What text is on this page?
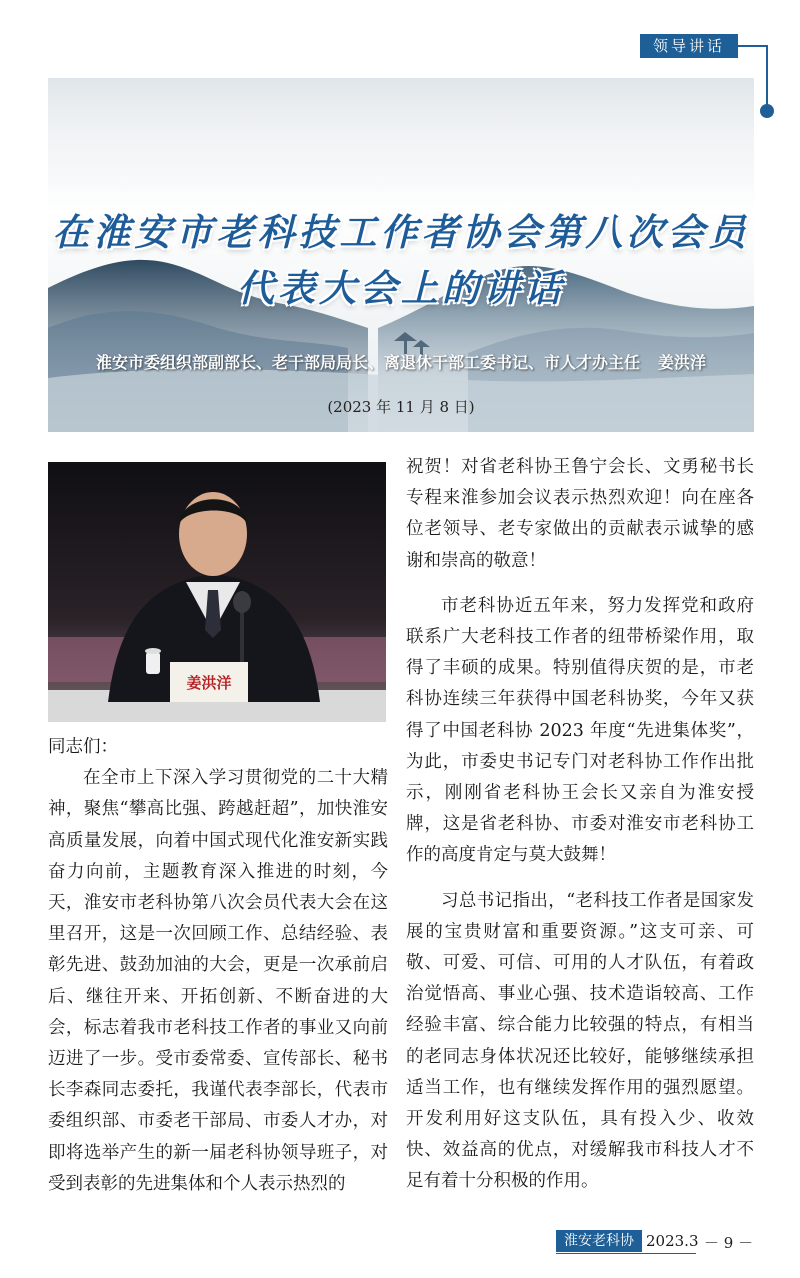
领导讲话
在淮安市老科技工作者协会第八次会员
代表大会上的讲话
淮安市委组织部副部长、老干部局局长、离退休干部工委书记、市人才办主任 姜洪洋
(2023 年 11 月 8 日)
姜洪洋

同志们：

在全市上下深入学习贯彻党的二十大精神，聚焦“攀高比强、跨越赶超”，加快淮安高质量发展，向着中国式现代化淮安新实践奋力向前，主题教育深入推进的时刻，今天，淮安市老科协第八次会员代表大会在这里召开，这是一次回顾工作、总结经验、表彰先进、鼓劲加油的大会，更是一次承前启后、继往开来、开拓创新、不断奋进的大会，标志着我市老科技工作者的事业又向前迈进了一步。受市委常委、宣传部长、秘书长李森同志委托，我谨代表李部长，代表市委组织部、市委老干部局、市委人才办，对即将选举产生的新一届老科协领导班子，对受到表彰的先进集体和个人表示热烈的

祝贺！对省老科协王鲁宁会长、文勇秘书长专程来淮参加会议表示热烈欢迎！向在座各位老领导、老专家做出的贡献表示诚挚的感谢和崇高的敬意！

市老科协近五年来，努力发挥党和政府联系广大老科技工作者的纽带桥梁作用，取得了丰硕的成果。特别值得庆贺的是，市老科协连续三年获得中国老科协奖，今年又获得了中国老科协 2023 年度“先进集体奖”，为此，市委史书记专门对老科协工作作出批示，刚刚省老科协王会长又亲自为淮安授牌，这是省老科协、市委对淮安市老科协工作的高度肯定与莫大鼓舞！

习总书记指出，“老科技工作者是国家发展的宝贵财富和重要资源。”这支可亲、可敬、可爱、可信、可用的人才队伍，有着政治觉悟高、事业心强、技术造诣较高、工作经验丰富、综合能力比较强的特点，有相当的老同志身体状况还比较好，能够继续承担适当工作，也有继续发挥作用的强烈愿望。开发利用好这支队伍，具有投入少、收效快、效益高的优点，对缓解我市科技人才不足有着十分积极的作用。

淮安老科协 2023.3 － 9 －
